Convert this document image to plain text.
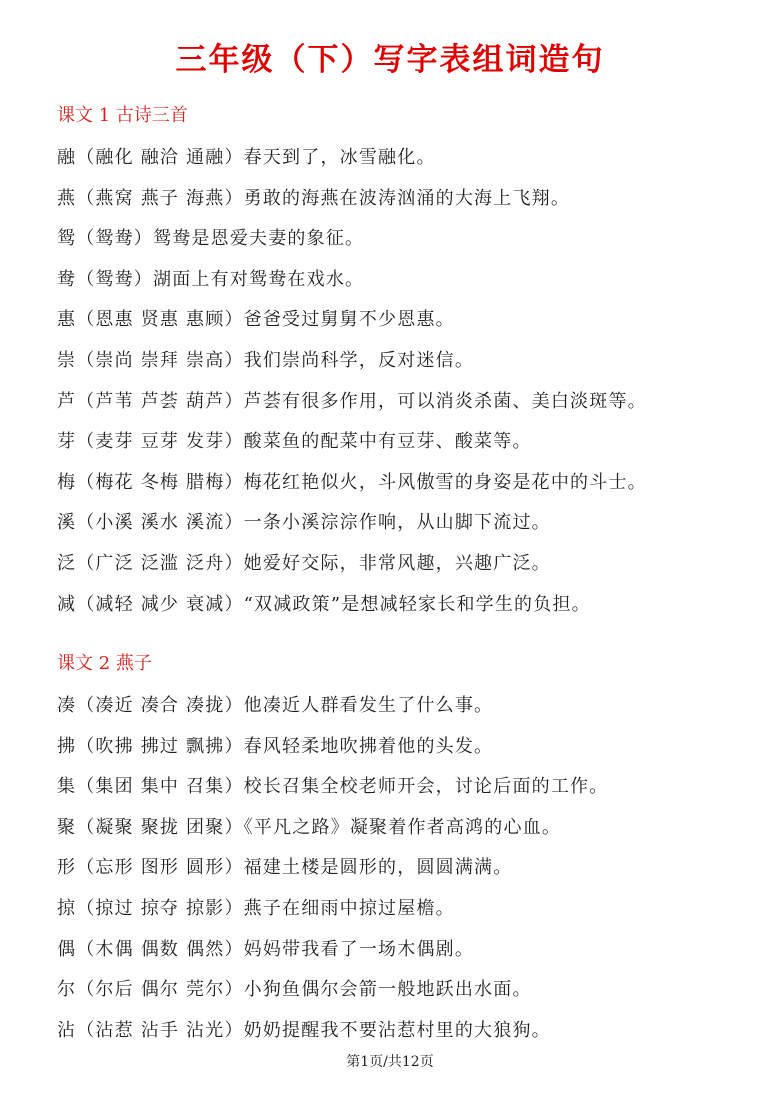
三年级（下）写字表组词造句
课文 1 古诗三首
融（融化 融洽 通融）春天到了，冰雪融化。
燕（燕窝 燕子 海燕）勇敢的海燕在波涛汹涌的大海上飞翔。
鸳（鸳鸯）鸳鸯是恩爱夫妻的象征。
鸯（鸳鸯）湖面上有对鸳鸯在戏水。
惠（恩惠 贤惠 惠顾）爸爸受过舅舅不少恩惠。
崇（崇尚 崇拜 崇高）我们崇尚科学，反对迷信。
芦（芦苇 芦荟 葫芦）芦荟有很多作用，可以消炎杀菌、美白淡斑等。
芽（麦芽 豆芽 发芽）酸菜鱼的配菜中有豆芽、酸菜等。
梅（梅花 冬梅 腊梅）梅花红艳似火，斗风傲雪的身姿是花中的斗士。
溪（小溪 溪水 溪流）一条小溪淙淙作响，从山脚下流过。
泛（广泛 泛滥 泛舟）她爱好交际，非常风趣，兴趣广泛。
减（减轻 减少 衰减）“双减政策”是想减轻家长和学生的负担。
课文 2 燕子
凑（凑近 凑合 凑拢）他凑近人群看发生了什么事。
拂（吹拂 拂过 飘拂）春风轻柔地吹拂着他的头发。
集（集团 集中 召集）校长召集全校老师开会，讨论后面的工作。
聚（凝聚 聚拢 团聚）《平凡之路》凝聚着作者高鸿的心血。
形（忘形 图形 圆形）福建土楼是圆形的，圆圆满满。
掠（掠过 掠夺 掠影）燕子在细雨中掠过屋檐。
偶（木偶 偶数 偶然）妈妈带我看了一场木偶剧。
尔（尔后 偶尔 莞尔）小狗鱼偶尔会箭一般地跃出水面。
沾（沾惹 沾手 沾光）奶奶提醒我不要沾惹村里的大狼狗。
第1页/共12页
